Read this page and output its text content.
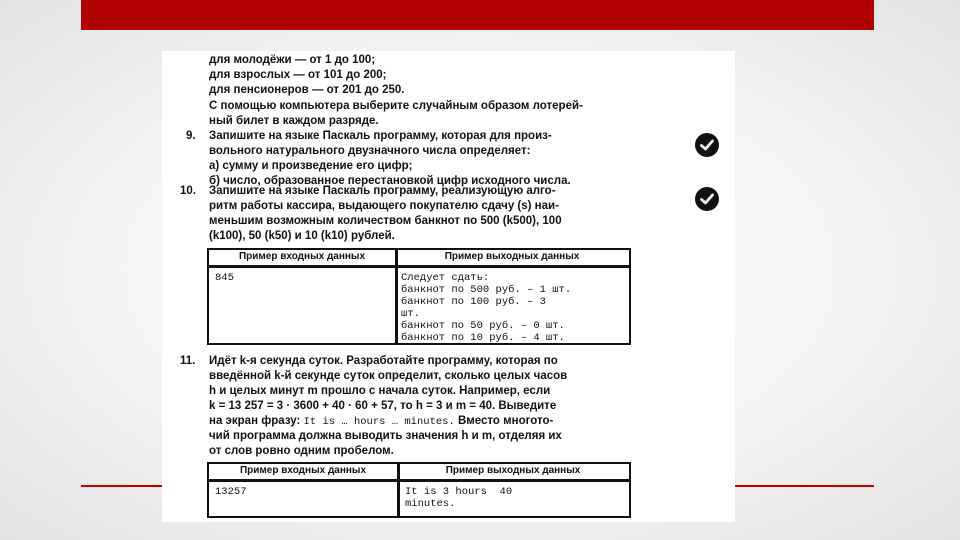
для молодёжи — от 1 до 100;
для взрослых — от 101 до 200;
для пенсионеров — от 201 до 250.
С помощью компьютера выберите случайным образом лотерей-
ный билет в каждом разряде.
9. Запишите на языке Паскаль программу, которая для произ-
вольного натурального двузначного числа определяет:
а) сумму и произведение его цифр;
б) число, образованное перестановкой цифр исходного числа.
10. Запишите на языке Паскаль программу, реализующую алго-
ритм работы кассира, выдающего покупателю сдачу (s) наи-
меньшим возможным количеством банкнот по 500 (k500), 100
(k100), 50 (k50) и 10 (k10) рублей.
Пример входных данных	Пример выходных данных
845	Следует сдать:
банкнот по 500 руб. – 1 шт.
банкнот по 100 руб. – 3
шт.
банкнот по 50 руб. – 0 шт.
банкнот по 10 руб. – 4 шт.
11. Идёт k-я секунда суток. Разработайте программу, которая по
введённой k-й секунде суток определит, сколько целых часов
h и целых минут m прошло с начала суток. Например, если
k = 13 257 = 3 · 3600 + 40 · 60 + 57, то h = 3 и m = 40. Выведите
на экран фразу: It is … hours … minutes. Вместо многото-
чий программа должна выводить значения h и m, отделяя их
от слов ровно одним пробелом.
Пример входных данных	Пример выходных данных
13257	It is 3 hours  40
minutes.
